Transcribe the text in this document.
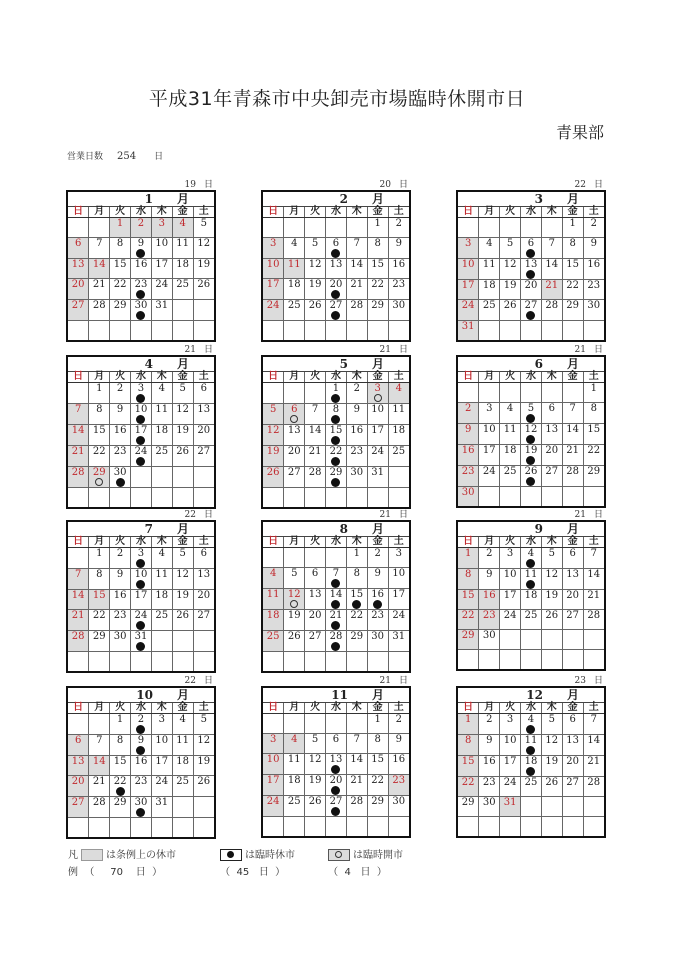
平成31年青森市中央卸売市場臨時休開市日
青果部
営業日数 254 日
19 日
1 月
日	月	火	水	木	金	土
		1	2	3	4	5
6	7	8	9	10	11	12
13	14	15	16	17	18	19
20	21	22	23	24	25	26
27	28	29	30	31		

20 日
2 月
日	月	火	水	木	金	土
					1	2
3	4	5	6	7	8	9
10	11	12	13	14	15	16
17	18	19	20	21	22	23
24	25	26	27	28	29	30

22 日
3 月
日	月	火	水	木	金	土
					1	2
3	4	5	6	7	8	9
10	11	12	13	14	15	16
17	18	19	20	21	22	23
24	25	26	27	28	29	30
31						
21 日
4 月
日	月	火	水	木	金	土
	1	2	3	4	5	6
7	8	9	10	11	12	13
14	15	16	17	18	19	20
21	22	23	24	25	26	27
28	29	30

21 日
5 月
日	月	火	水	木	金	土
			1	2	3	4
5	6	7	8	9	10	11
12	13	14	15	16	17	18
19	20	21	22	23	24	25
26	27	28	29	30	31	

21 日
6 月
日	月	火	水	木	金	土
						1
2	3	4	5	6	7	8
9	10	11	12	13	14	15
16	17	18	19	20	21	22
23	24	25	26	27	28	29
30						
22 日
7 月
日	月	火	水	木	金	土
	1	2	3	4	5	6
7	8	9	10	11	12	13
14	15	16	17	18	19	20
21	22	23	24	25	26	27
28	29	30	31

21 日
8 月
日	月	火	水	木	金	土
				1	2	3
4	5	6	7	8	9	10
11	12	13	14	15	16	17
18	19	20	21	22	23	24
25	26	27	28	29	30	31

21 日
9 月
日	月	火	水	木	金	土
1	2	3	4	5	6	7
8	9	10	11	12	13	14
15	16	17	18	19	20	21
22	23	24	25	26	27	28
29	30					

22 日
10 月
日	月	火	水	木	金	土
		1	2	3	4	5
6	7	8	9	10	11	12
13	14	15	16	17	18	19
20	21	22	23	24	25	26
27	28	29	30	31		

21 日
11 月
日	月	火	水	木	金	土
					1	2
3	4	5	6	7	8	9
10	11	12	13	14	15	16
17	18	19	20	21	22	23
24	25	26	27	28	29	30

23 日
12 月
日	月	火	水	木	金	土
1	2	3	4	5	6	7
8	9	10	11	12	13	14
15	16	17	18	19	20	21
22	23	24	25	26	27	28
29	30	31				

凡	は条例上の休市
例  （     70 日  ）
は臨時休市
（  45 日  ）
は臨時開市
（  4 日  ）
